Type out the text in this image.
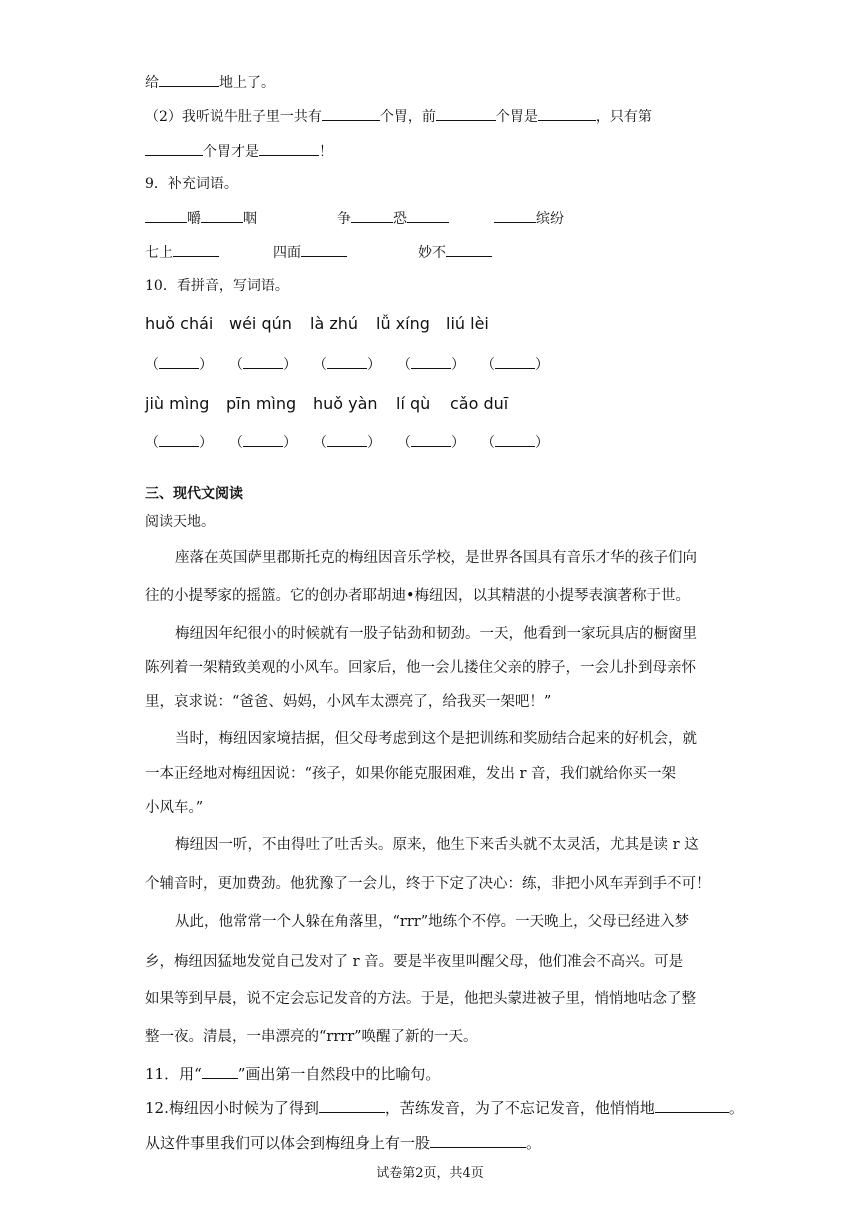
给	地上了。
（2）我听说牛肚子里一共有	个胃，前	个胃是	，只有第
个胃才是	！
9．补充词语。
嚼	咽	争	恐	缤纷
七上	四面	妙不
10．看拼音，写词语。
huǒ chái wéi qún là zhú lǚ xíng liú lèi
（	） （	） （	） （	） （	）
jiù mìng pīn mìng huǒ yàn lí qù cǎo duī
（	） （	） （	） （	） （	）
三、现代文阅读
阅读天地。
座落在英国萨里郡斯托克的梅纽因音乐学校，是世界各国具有音乐才华的孩子们向
往的小提琴家的摇篮。它的创办者耶胡迪•梅纽因，以其精湛的小提琴表演著称于世。
梅纽因年纪很小的时候就有一股子钻劲和韧劲。一天，他看到一家玩具店的橱窗里
陈列着一架精致美观的小风车。回家后，他一会儿搂住父亲的脖子，一会儿扑到母亲怀
里，哀求说：“爸爸、妈妈，小风车太漂亮了，给我买一架吧！”
当时，梅纽因家境拮据，但父母考虑到这个是把训练和奖励结合起来的好机会，就
一本正经地对梅纽因说：“孩子，如果你能克服困难，发出 r 音，我们就给你买一架
小风车。”
梅纽因一听，不由得吐了吐舌头。原来，他生下来舌头就不太灵活，尤其是读 r 这
个辅音时，更加费劲。他犹豫了一会儿，终于下定了决心：练，非把小风车弄到手不可！
从此，他常常一个人躲在角落里，“rrr”地练个不停。一天晚上，父母已经进入梦
乡，梅纽因猛地发觉自己发对了 r 音。要是半夜里叫醒父母，他们准会不高兴。可是
如果等到早晨，说不定会忘记发音的方法。于是，他把头蒙进被子里，悄悄地咕念了整
整一夜。清晨，一串漂亮的“rrrr”唤醒了新的一天。
11．用“ ”画出第一自然段中的比喻句。
12.梅纽因小时候为了得到	，苦练发音，为了不忘记发音，他悄悄地	。
从这件事里我们可以体会到梅纽身上有一股	。
试卷第2页，共4页
